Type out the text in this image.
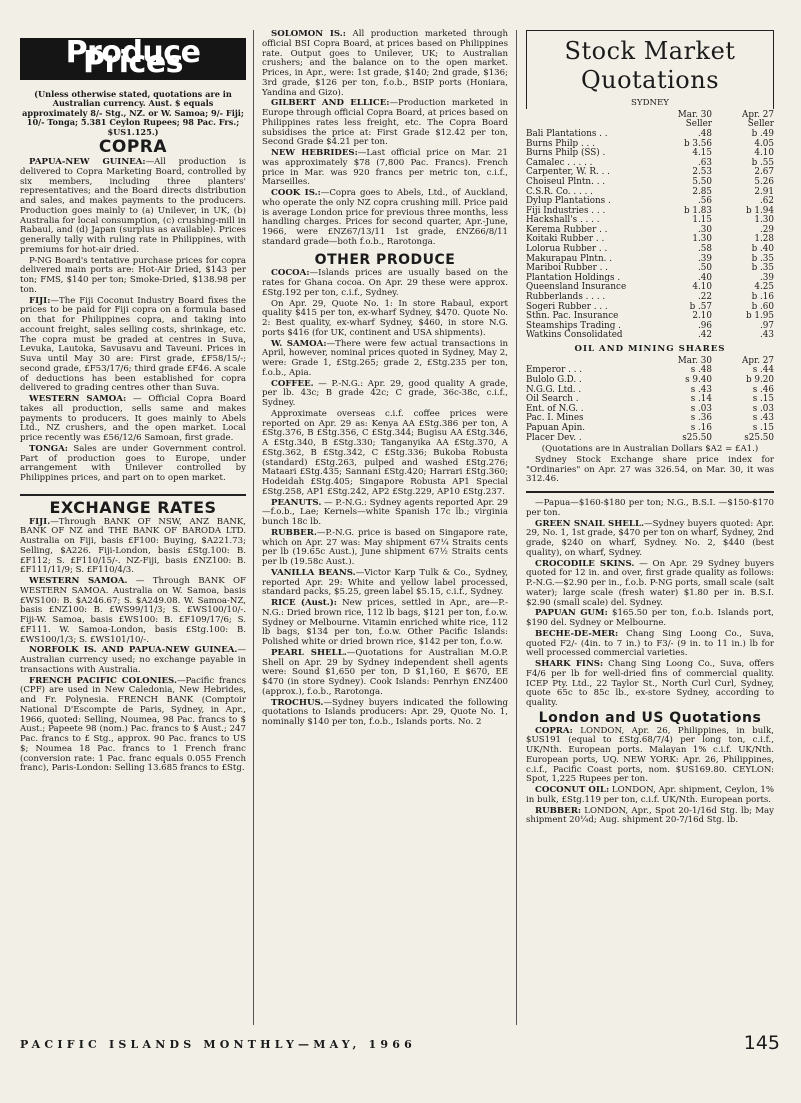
Produce Prices

(Unless otherwise stated, quotations are in Australian currency. Aust. $ equals approximately 8/- Stg., NZ. or W. Samoa; 9/- Fiji; 10/- Tonga; 5.381 Ceylon Rupees; 98 Pac. Frs.; $US1.125.)

COPRA

PAPUA-NEW GUINEA:—All production is delivered to Copra Marketing Board, controlled by six members, including three planters' representatives; and the Board directs distribution and sales, and makes payments to the producers. Production goes mainly to (a) Unilever, in UK, (b) Australia for local consumption, (c) crushing-mill in Rabaul, and (d) Japan (surplus as available). Prices generally tally with ruling rate in Philippines, with premiums for hot-air dried.

P-NG Board's tentative purchase prices for copra delivered main ports are: Hot-Air Dried, $143 per ton; FMS, $140 per ton; Smoke-Dried, $138.98 per ton.

FIJI:—The Fiji Coconut Industry Board fixes the prices to be paid for Fiji copra on a formula based on that for Philippines copra, and taking into account freight, sales selling costs, shrinkage, etc. The copra must be graded at centres in Suva, Levuka, Lautoka, Savusavu and Taveuni. Prices in Suva until May 30 are: First grade, £F58/15/-; second grade, £F53/17/6; third grade £F46. A scale of deductions has been established for copra delivered to grading centres other than Suva.

WESTERN SAMOA: — Official Copra Board takes all production, sells same and makes payments to producers. It goes mainly to Abels Ltd., NZ crushers, and the open market. Local price recently was £56/12/6 Samoan, first grade.

TONGA: Sales are under Government control. Part of production goes to Europe, under arrangement with Unilever controlled by Philippines prices, and part on to open market.

EXCHANGE RATES

FIJI.—Through BANK OF NSW, ANZ BANK, BANK OF NZ and THE BANK OF BARODA LTD. Australia on Fiji, basis £F100: Buying, $A221.73; Selling, $A226. Fiji-London, basis £Stg.100: B. £F112; S. £F110/15/-. NZ-Fiji, basis £NZ100: B. £F111/11/9; S. £F110/4/3.

WESTERN SAMOA. — Through BANK OF WESTERN SAMOA. Australia on W. Samoa, basis £WS100: B. $A246.67; S. $A249.08. W. Samoa-NZ, basis £NZ100: B. £WS99/11/3; S. £WS100/10/-. Fiji-W. Samoa, basis £WS100: B. £F109/17/6; S. £F111. W. Samoa-London, basis £Stg.100: B. £WS100/1/3; S. £WS101/10/-.

NORFOLK IS. AND PAPUA-NEW GUINEA.—Australian currency used; no exchange payable in transactions with Australia.

FRENCH PACIFIC COLONIES.—Pacific francs (CPF) are used in New Caledonia, New Hebrides, and Fr. Polynesia. FRENCH BANK (Comptoir National D'Escompte de Paris, Sydney, in Apr., 1966, quoted: Selling, Noumea, 98 Pac. francs to $ Aust.; Papeete 98 (nom.) Pac. francs to $ Aust.; 247 Pac. francs to £ Stg., approx. 90 Pac. francs to US $; Noumea 18 Pac. francs to 1 French franc (conversion rate: 1 Pac. franc equals 0.055 French franc), Paris-London: Selling 13.685 francs to £Stg.

SOLOMON IS.: All production marketed through official BSI Copra Board, at prices based on Philippines rate. Output goes to Unilever, UK; to Australian crushers; and the balance on to the open market. Prices, in Apr., were: 1st grade, $140; 2nd grade, $136; 3rd grade, $126 per ton, f.o.b., BSIP ports (Honiara, Yandina and Gizo).

GILBERT AND ELLICE:—Production marketed in Europe through official Copra Board, at prices based on Philippines rates less freight, etc. The Copra Board subsidises the price at: First Grade $12.42 per ton, Second Grade $4.21 per ton.

NEW HEBRIDES:—Last official price on Mar. 21 was approximately $78 (7,800 Pac. Francs). French price in Mar. was 920 francs per metric ton, c.i.f., Marseilles.

COOK IS.:—Copra goes to Abels, Ltd., of Auckland, who operate the only NZ copra crushing mill. Price paid is average London price for previous three months, less handling charges. Prices for second quarter, Apr.-June, 1966, were £NZ67/13/11 1st grade, £NZ66/8/11 standard grade—both f.o.b., Rarotonga.

OTHER PRODUCE

COCOA:—Islands prices are usually based on the rates for Ghana cocoa. On Apr. 29 these were approx. £Stg.192 per ton, c.i.f., Sydney.

On Apr. 29, Quote No. 1: In store Rabaul, export quality $415 per ton, ex-wharf Sydney, $470. Quote No. 2: Best quality, ex-wharf Sydney, $460, in store N.G. ports $416 (for UK, continent and USA shipments).

W. SAMOA:—There were few actual transactions in April, however, nominal prices quoted in Sydney, May 2, were: Grade 1, £Stg.265; grade 2, £Stg.235 per ton, f.o.b., Apia.

COFFEE. — P.-N.G.: Apr. 29, good quality A grade, per lb. 43c; B grade 42c; C grade, 36c-38c, c.i.f., Sydney.

Approximate overseas c.i.f. coffee prices were reported on Apr. 29 as: Kenya AA £Stg.386 per ton, A £Stg.376, B £Stg.356, C £Stg.344; Bugisu AA £Stg.346, A £Stg.340, B £Stg.330; Tanganyika AA £Stg.370, A £Stg.362, B £Stg.342, C £Stg.336; Bukoba Robusta (standard) £Stg.263, pulped and washed £Stg.276; Mataari £Stg.435; Sannani £Stg.420; Harrari £Stg.360; Hodeidah £Stg.405; Singapore Robusta AP1 Special £Stg.258, AP1 £Stg.242, AP2 £Stg.229, AP10 £Stg.237.

PEANUTS. — P.-N.G.: Sydney agents reported Apr. 29—f.o.b., Lae; Kernels—white Spanish 17c lb.; virginia bunch 18c lb.

RUBBER.—P.-N.G. price is based on Singapore rate, which on Apr. 27 was: May shipment 67¼ Straits cents per lb (19.65c Aust.), June shipment 67½ Straits cents per lb (19.58c Aust.).

VANILLA BEANS.—Victor Karp Tulk & Co., Sydney, reported Apr. 29: White and yellow label processed, standard packs, $5.25, green label $5.15, c.i.f., Sydney.

RICE (Aust.): New prices, settled in Apr., are—P.-N.G.: Dried brown rice, 112 lb bags, $121 per ton, f.o.w. Sydney or Melbourne. Vitamin enriched white rice, 112 lb bags, $134 per ton, f.o.w. Other Pacific Islands: Polished white or dried brown rice, $142 per ton, f.o.w.

PEARL SHELL.—Quotations for Australian M.O.P. Shell on Apr. 29 by Sydney independent shell agents were: Sound $1,650 per ton, D $1,160, E $670, EE $470 (in store Sydney). Cook Islands: Penrhyn £NZ400 (approx.), f.o.b., Rarotonga.

TROCHUS.—Sydney buyers indicated the following quotations to Islands producers: Apr. 29, Quote No. 1, nominally $140 per ton, f.o.b., Islands ports. No. 2

Stock Market
Quotations
SYDNEY
	Mar. 30	Apr. 27
	Seller	Seller
Bali Plantations . .	.48	b .49
Burns Philp . . .	b 3.56	4.05
Burns Philp (SS) .	4.15	4.10
Camalec . . . . .	.63	b .55
Carpenter, W. R. . .	2.53	2.67
Choiseul Plntn. . .	5.50	5.26
C.S.R. Co. . . . .	2.85	2.91
Dylup Plantations .	.56	.62
Fiji Industries . . .	b 1.83	b 1.94
Hackshall's . . . .	1.15	1.30
Kerema Rubber . .	.30	.29
Koitaki Rubber . .	1.30	1.28
Lolorua Rubber . .	.58	b .40
Makurapau Plntn. .	.39	b .35
Mariboi Rubber . .	.50	b .35
Plantation Holdings .	.40	.39
Queensland Insurance	4.10	4.25
Rubberlands . . . .	.22	b .16
Sogeri Rubber . . .	b .57	b .60
Sthn. Pac. Insurance	2.10	b 1.95
Steamships Trading .	.96	.97
Watkins Consolidated	.42	.43
OIL AND MINING SHARES
	Mar. 30	Apr. 27
Emperor . . .	s .48	s .44
Bulolo G.D. .	s 9.40	b 9.20
N.G.G. Ltd. .	s .43	s .46
Oil Search .	s .14	s .15
Ent. of N.G. .	s .03	s .03
Pac. I. Mines	s .36	s .43
Papuan Apin.	s .16	s .15
Placer Dev. .	s25.50	s25.50

(Quotations are in Australian Dollars $A2 = £A1.)

Sydney Stock Exchange share price index for "Ordinaries" on Apr. 27 was 326.54, on Mar. 30, it was 312.46.

—Papua—$160-$180 per ton; N.G., B.S.I. —$150-$170 per ton.

GREEN SNAIL SHELL.—Sydney buyers quoted: Apr. 29, No. 1, 1st grade, $470 per ton on wharf, Sydney, 2nd grade, $240 on wharf, Sydney. No. 2, $440 (best quality), on wharf, Sydney.

CROCODILE SKINS. — On Apr. 29 Sydney buyers quoted for 12 in. and over, first grade quality as follows: P.-N.G.—$2.90 per in., f.o.b. P-NG ports, small scale (salt water); large scale (fresh water) $1.80 per in. B.S.I. $2.90 (small scale) del. Sydney.

PAPUAN GUM: $165.50 per ton, f.o.b. Islands port, $190 del. Sydney or Melbourne.

BECHE-DE-MER: Chang Sing Loong Co., Suva, quoted F2/- (4in. to 7 in.) to F3/- (9 in. to 11 in.) lb for well processed commercial varieties.

SHARK FINS: Chang Sing Loong Co., Suva, offers F4/6 per lb for well-dried fins of commercial quality. ICEP Pty. Ltd., 22 Taylor St., North Curl Curl, Sydney, quote 65c to 85c lb., ex-store Sydney, according to quality.

London and US Quotations

COPRA: LONDON, Apr. 26, Philippines, in bulk, $US191 (equal to £Stg.68/7/4) per long ton, c.i.f., UK/Nth. European ports. Malayan 1% c.i.f. UK/Nth. European ports, UQ. NEW YORK: Apr. 26, Philippines, c.i.f., Pacific Coast ports, nom. $US169.80. CEYLON: Spot, 1,225 Rupees per ton.

COCONUT OIL: LONDON, Apr. shipment, Ceylon, 1% in bulk, £Stg.119 per ton, c.i.f. UK/Nth. European ports.

RUBBER: LONDON, Apr., Spot 20-1/16d Stg. lb; May shipment 20¼d; Aug. shipment 20-7/16d Stg. lb.

PACIFIC ISLANDS MONTHLY—MAY, 1966	145
